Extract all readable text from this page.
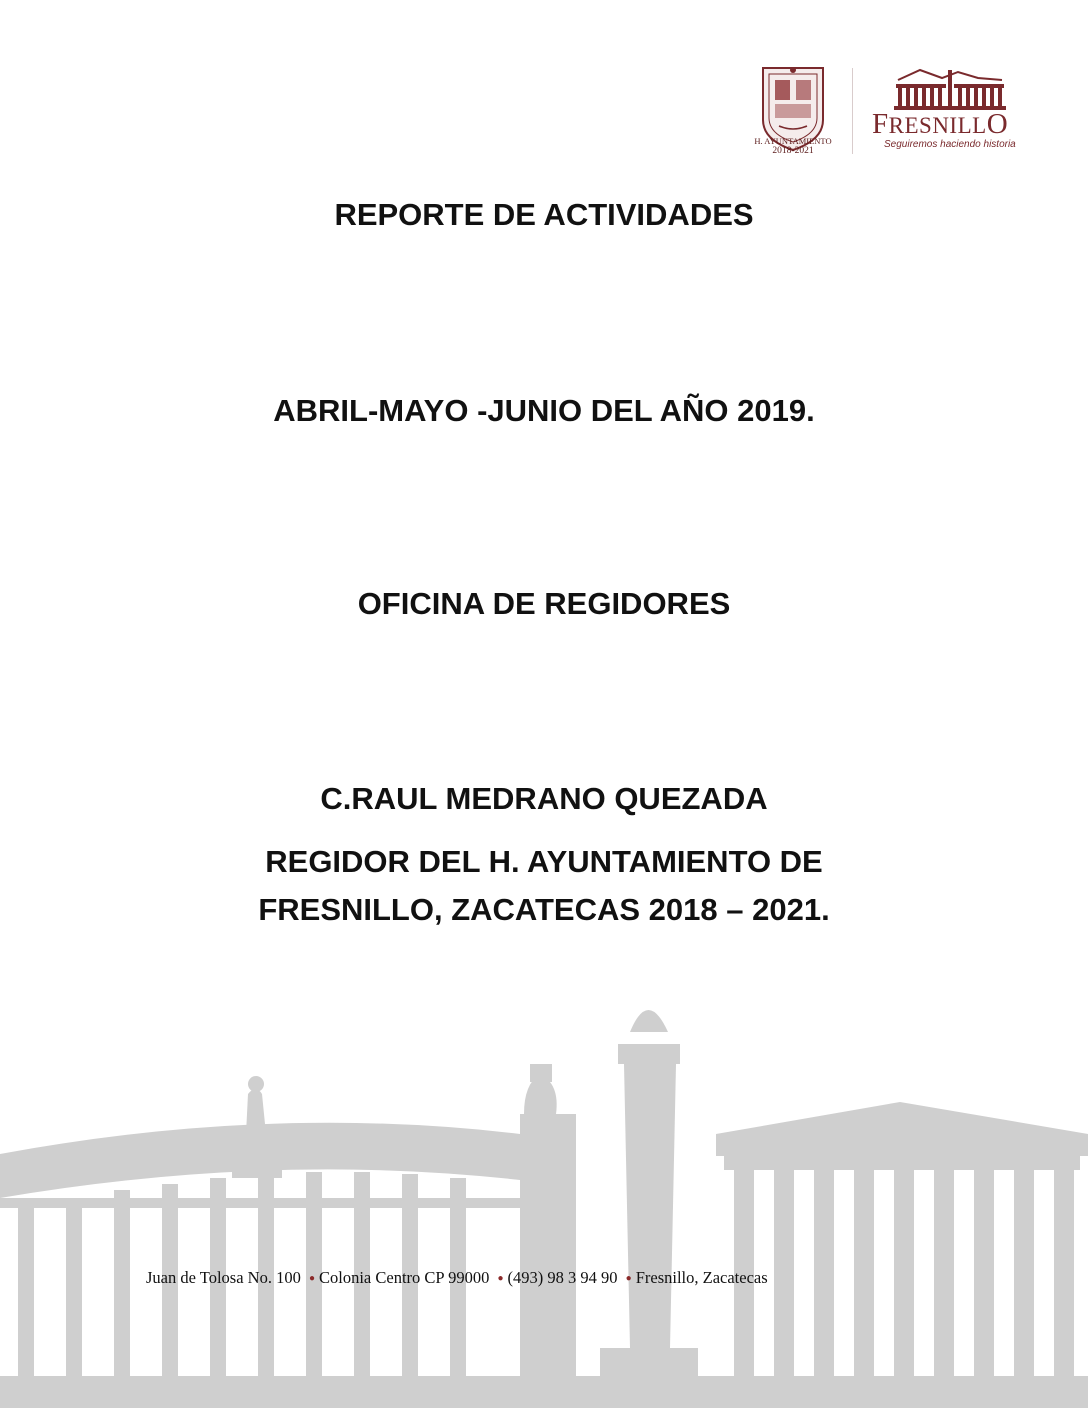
H. AYUNTAMIENTO
2018-2021
FRESNILLO
Seguiremos haciendo historia
REPORTE DE ACTIVIDADES
ABRIL-MAYO -JUNIO DEL AÑO 2019.
OFICINA DE REGIDORES
C.RAUL MEDRANO QUEZADA
REGIDOR DEL H. AYUNTAMIENTO DE
FRESNILLO, ZACATECAS 2018 – 2021.
Juan de Tolosa No. 100 ● Colonia Centro CP 99000 ● (493) 98 3 94 90 ● Fresnillo, Zacatecas
